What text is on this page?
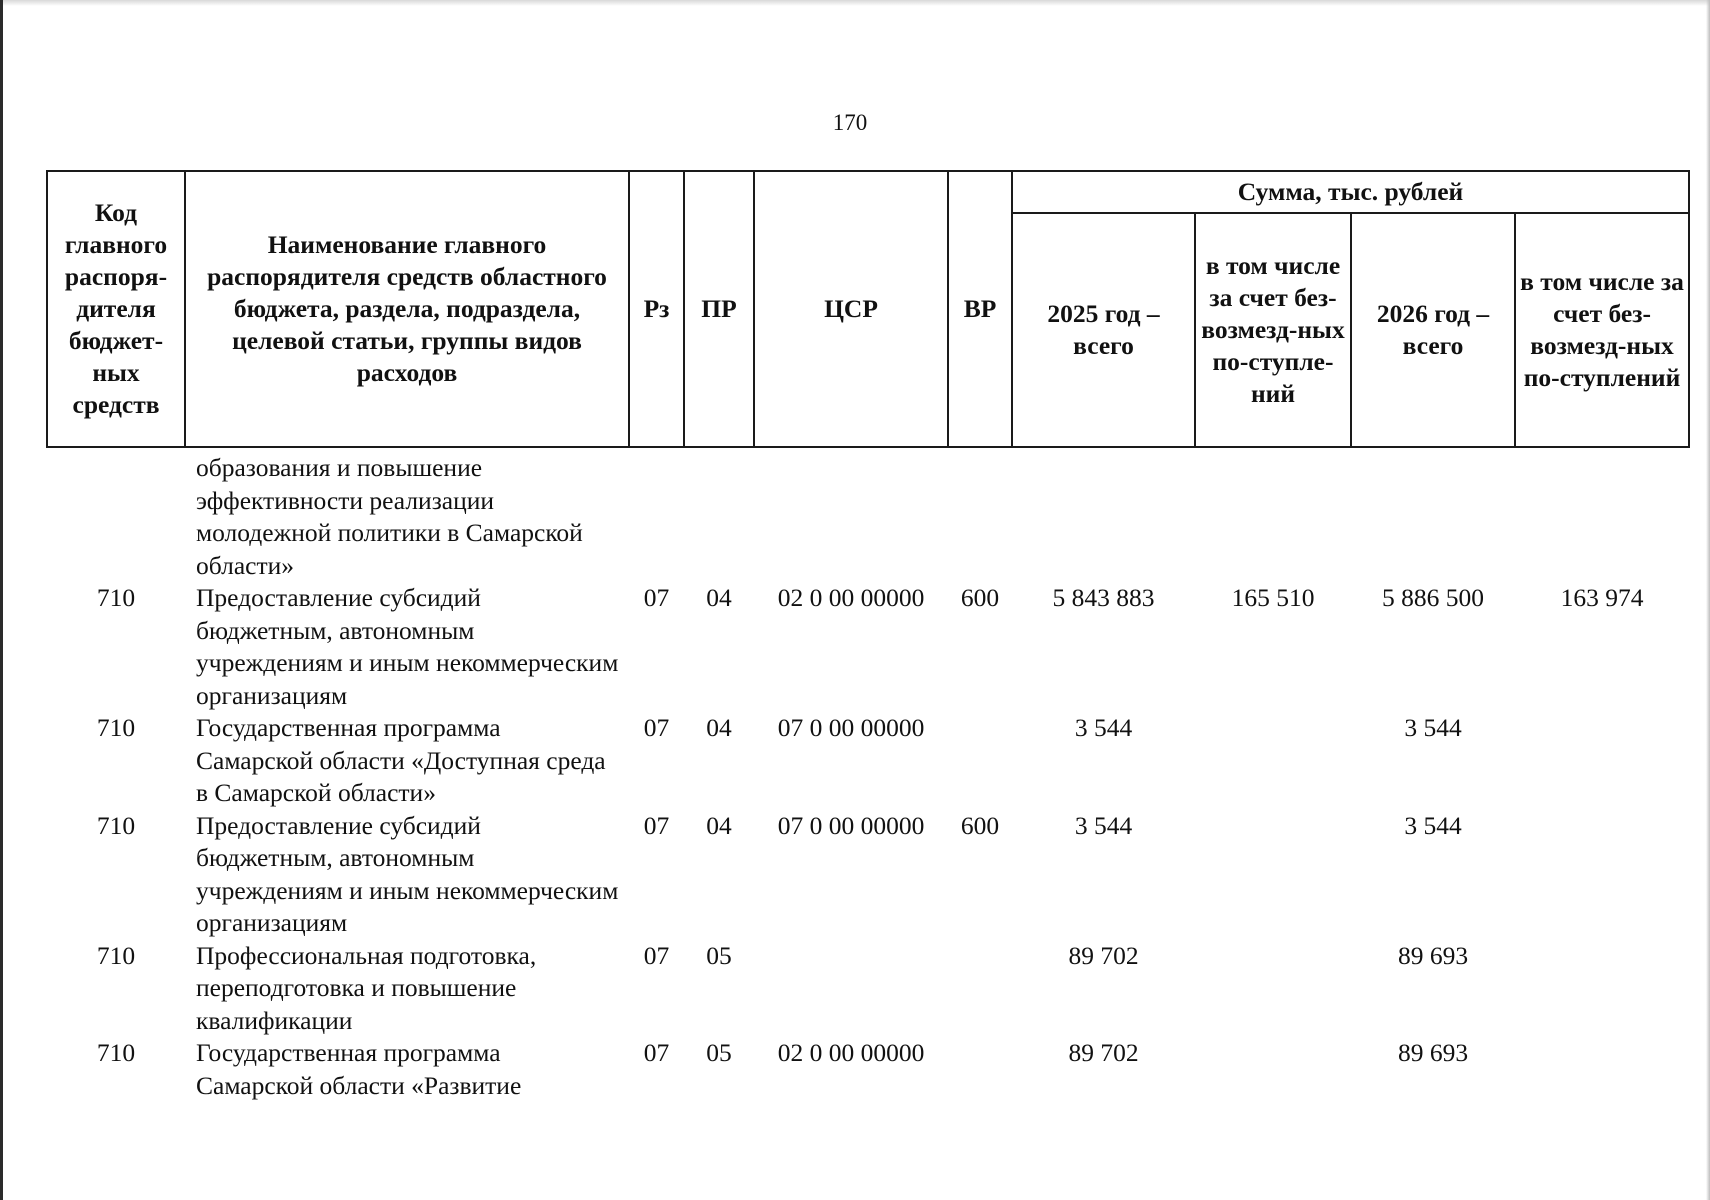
170
Код главного распоря-дителя бюджет-ных средств	Наименование главного распорядителя средств областного бюджета, раздела, подраздела, целевой статьи, группы видов расходов	Рз	ПР	ЦСР	ВР	Сумма, тыс. рублей			
						2025 год – всего	в том числе за счет без-возмезд-ных по-ступле-ний	2026 год – всего	в том числе за счет без-возмезд-ных по-ступлений
	образования и повышение эффективности реализации молодежной политики в Самарской области»								
710	Предоставление субсидий бюджетным, автономным учреждениям и иным некоммерческим организациям	07	04	02 0 00 00000	600	5 843 883	165 510	5 886 500	163 974
710	Государственная программа Самарской области «Доступная среда в Самарской области»	07	04	07 0 00 00000		3 544		3 544	
710	Предоставление субсидий бюджетным, автономным учреждениям и иным некоммерческим организациям	07	04	07 0 00 00000	600	3 544		3 544	
710	Профессиональная подготовка, переподготовка и повышение квалификации	07	05			89 702		89 693	
710	Государственная программа Самарской области «Развитие	07	05	02 0 00 00000		89 702		89 693	
